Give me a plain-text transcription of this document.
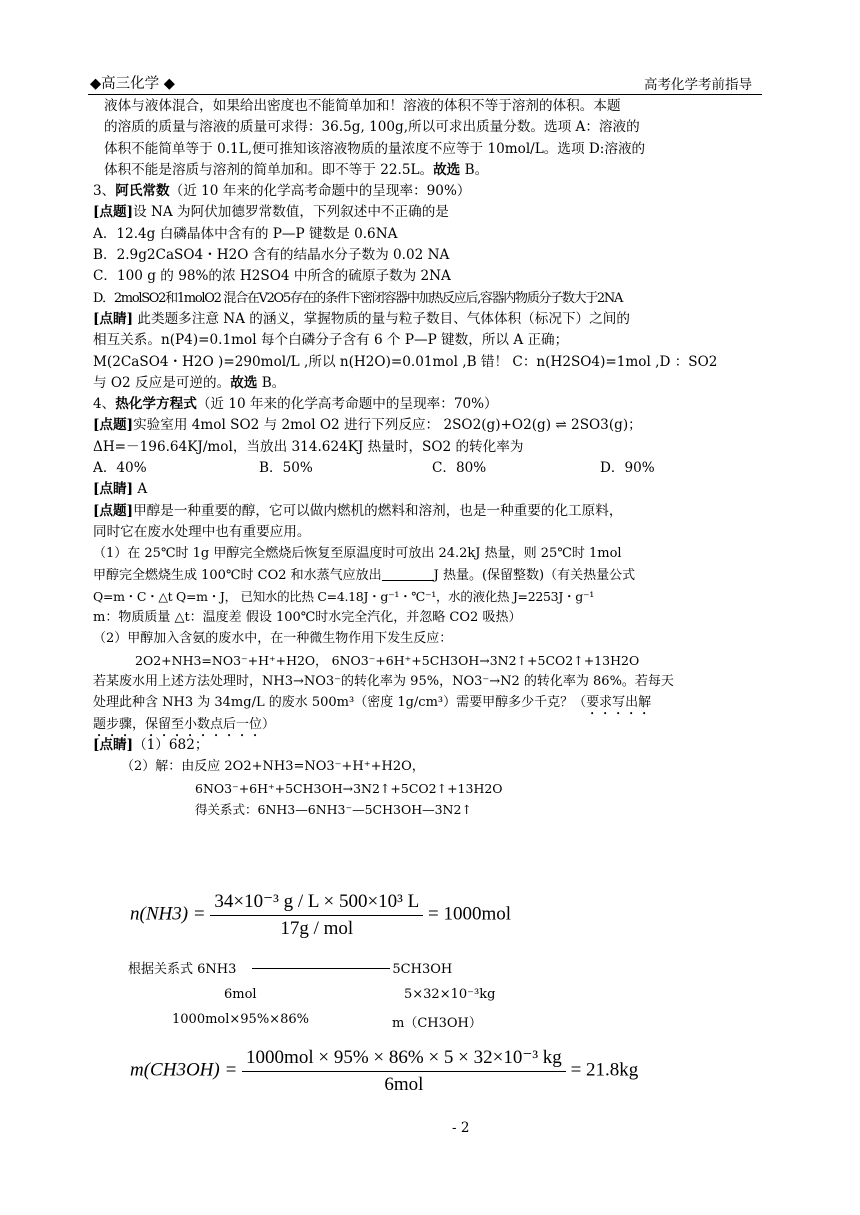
◆高三化学 ◆	高考化学考前指导
液体与液体混合，如果给出密度也不能简单加和！溶液的体积不等于溶剂的体积。本题
的溶质的质量与溶液的质量可求得：36.5g, 100g,所以可求出质量分数。选项 A：溶液的
体积不能简单等于 0.1L,便可推知该溶液物质的量浓度不应等于 10mol/L。选项 D:溶液的
体积不能是溶质与溶剂的简单加和。即不等于 22.5L。故选 B。
3、阿氏常数（近 10 年来的化学高考命题中的呈现率：90%）
[点题]设 NA 为阿伏加德罗常数值，下列叙述中不正确的是
A．12.4g 白磷晶体中含有的 P—P 键数是 0.6NA
B．2.9g2CaSO4・H2O 含有的结晶水分子数为 0.02 NA
C．100 g 的 98%的浓 H2SO4 中所含的硫原子数为 2NA
D．2molSO2和1molO2 混合在V2O5存在的条件下密闭容器中加热反应后,容器内物质分子数大于2NA
[点睛] 此类题多注意 NA 的涵义，掌握物质的量与粒子数目、气体体积（标况下）之间的
相互关系。n(P4)=0.1mol 每个白磷分子含有 6 个 P—P 键数，所以 A 正确；
M(2CaSO4・H2O )=290mol/L ,所以 n(H2O)=0.01mol ,B 错！ C：n(H2SO4)=1mol ,D ：SO2
与 O2 反应是可逆的。故选 B。
4、热化学方程式（近 10 年来的化学高考命题中的呈现率：70%）
[点题]实验室用 4mol SO2 与 2mol O2 进行下列反应： 2SO2(g)+O2(g) ⇌ 2SO3(g)；
ΔH=－196.64KJ/mol，当放出 314.624KJ 热量时，SO2 的转化率为
A．40%	B．50%	C．80%	D．90%
[点睛] A
[点题]甲醇是一种重要的醇，它可以做内燃机的燃料和溶剂，也是一种重要的化工原料，
同时它在废水处理中也有重要应用。
（1）在 25℃时 1g 甲醇完全燃烧后恢复至原温度时可放出 24.2kJ 热量，则 25℃时 1mol
甲醇完全燃烧生成 100℃时 CO2 和水蒸气应放出	J 热量。(保留整数)（有关热量公式
Q=m・C・△t Q=m・J， 已知水的比热 C=4.18J・g⁻¹・℃⁻¹，水的液化热 J=2253J・g⁻¹
m：物质质量 △t：温度差 假设 100℃时水完全汽化，并忽略 CO2 吸热）
（2）甲醇加入含氨的废水中，在一种微生物作用下发生反应：
2O2+NH3=NO3⁻+H⁺+H2O， 6NO3⁻+6H⁺+5CH3OH→3N2↑+5CO2↑+13H2O
若某废水用上述方法处理时，NH3→NO3⁻的转化率为 95%，NO3⁻→N2 的转化率为 86%。若每天
处理此种含 NH3 为 34mg/L 的废水 500m³（密度 1g/cm³）需要甲醇多少千克？（要求写出解
题步骤，保留至小数点后一位）
[点睛]（1）682；
（2）解：由反应 2O2+NH3=NO3⁻+H⁺+H2O，
6NO3⁻+6H⁺+5CH3OH→3N2↑+5CO2↑+13H2O
得关系式：6NH3—6NH3⁻—5CH3OH—3N2↑
$n(NH3) = \frac{\text{34×10⁻³ g / L × 500×10³ L}}{\text{17g / mol}} = 1000mol$
根据关系式 6NH3	5CH3OH
6mol	5×32×10⁻³kg
1000mol×95%×86%	m（CH3OH）
$m(CH3OH) = \frac{\text{1000mol × 95\% × 86\% × 5 × 32×10⁻³ kg}}{\text{6mol}} = 21.8kg$
- 2
